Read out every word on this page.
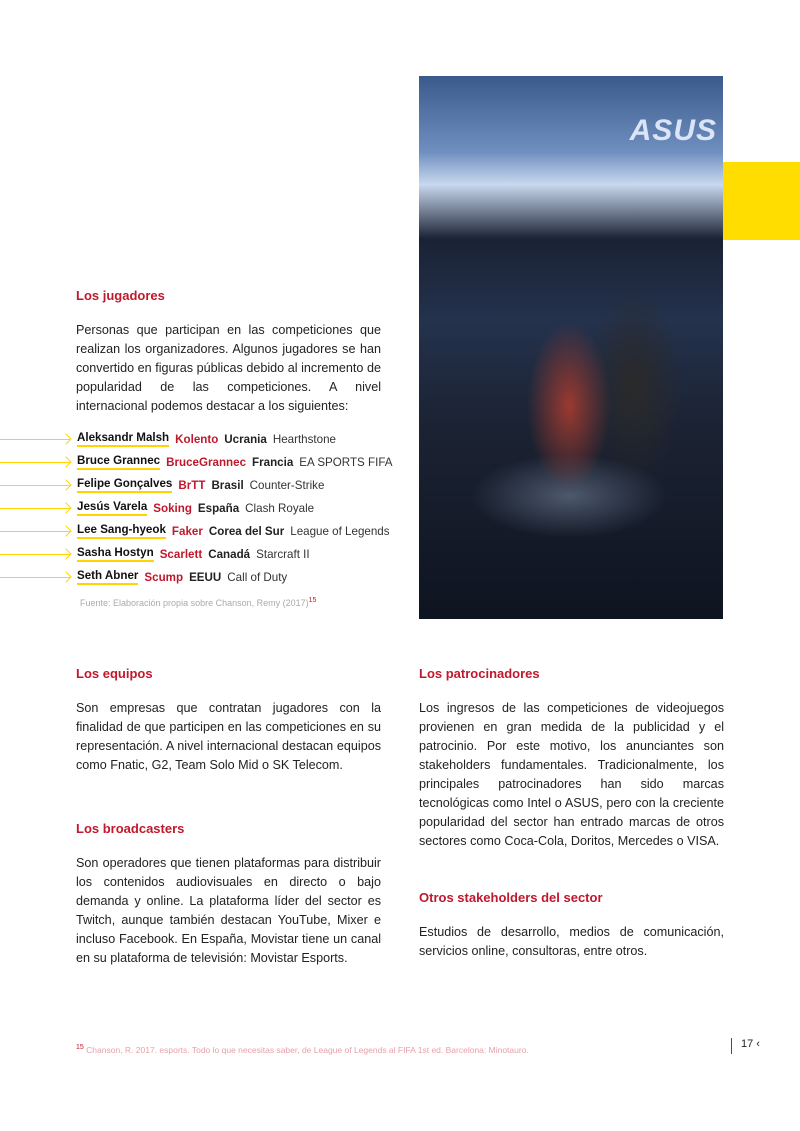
ASUS
Los jugadores
Personas que participan en las competiciones que realizan los organizadores. Algunos jugadores se han convertido en figuras públicas debido al incremento de popularidad de las competiciones. A nivel internacional podemos destacar a los siguientes:
Aleksandr Malsh Kolento Ucrania Hearthstone
Bruce Grannec BruceGrannec Francia EA SPORTS FIFA
Felipe Gonçalves BrTT Brasil Counter-Strike
Jesús Varela Soking España Clash Royale
Lee Sang-hyeok Faker Corea del Sur League of Legends
Sasha Hostyn Scarlett Canadá Starcraft II
Seth Abner Scump EEUU Call of Duty
Fuente: Elaboración propia sobre Chanson, Remy $(2017)^{15}$
Los equipos
Son empresas que contratan jugadores con la finalidad de que participen en las competiciones en su representación. A nivel internacional destacan equipos como Fnatic, G2, Team Solo Mid o SK Telecom.
Los broadcasters
Son operadores que tienen plataformas para distribuir los contenidos audiovisuales en directo o bajo demanda y online. La plataforma líder del sector es Twitch, aunque también destacan YouTube, Mixer e incluso Facebook. En España, Movistar tiene un canal en su plataforma de televisión: Movistar Esports.
Los patrocinadores
Los ingresos de las competiciones de videojuegos provienen en gran medida de la publicidad y el patrocinio. Por este motivo, los anunciantes son stakeholders fundamentales. Tradicionalmente, los principales patrocinadores han sido marcas tecnológicas como Intel o ASUS, pero con la creciente popularidad del sector han entrado marcas de otros sectores como Coca-Cola, Doritos, Mercedes o VISA.
Otros stakeholders del sector
Estudios de desarrollo, medios de comunicación, servicios online, consultoras, entre otros.
$^{15}$ Chanson, R. 2017. esports. Todo lo que necesitas saber, de League of Legends al FIFA 1st ed. Barcelona: Minotauro.	17 ‹
